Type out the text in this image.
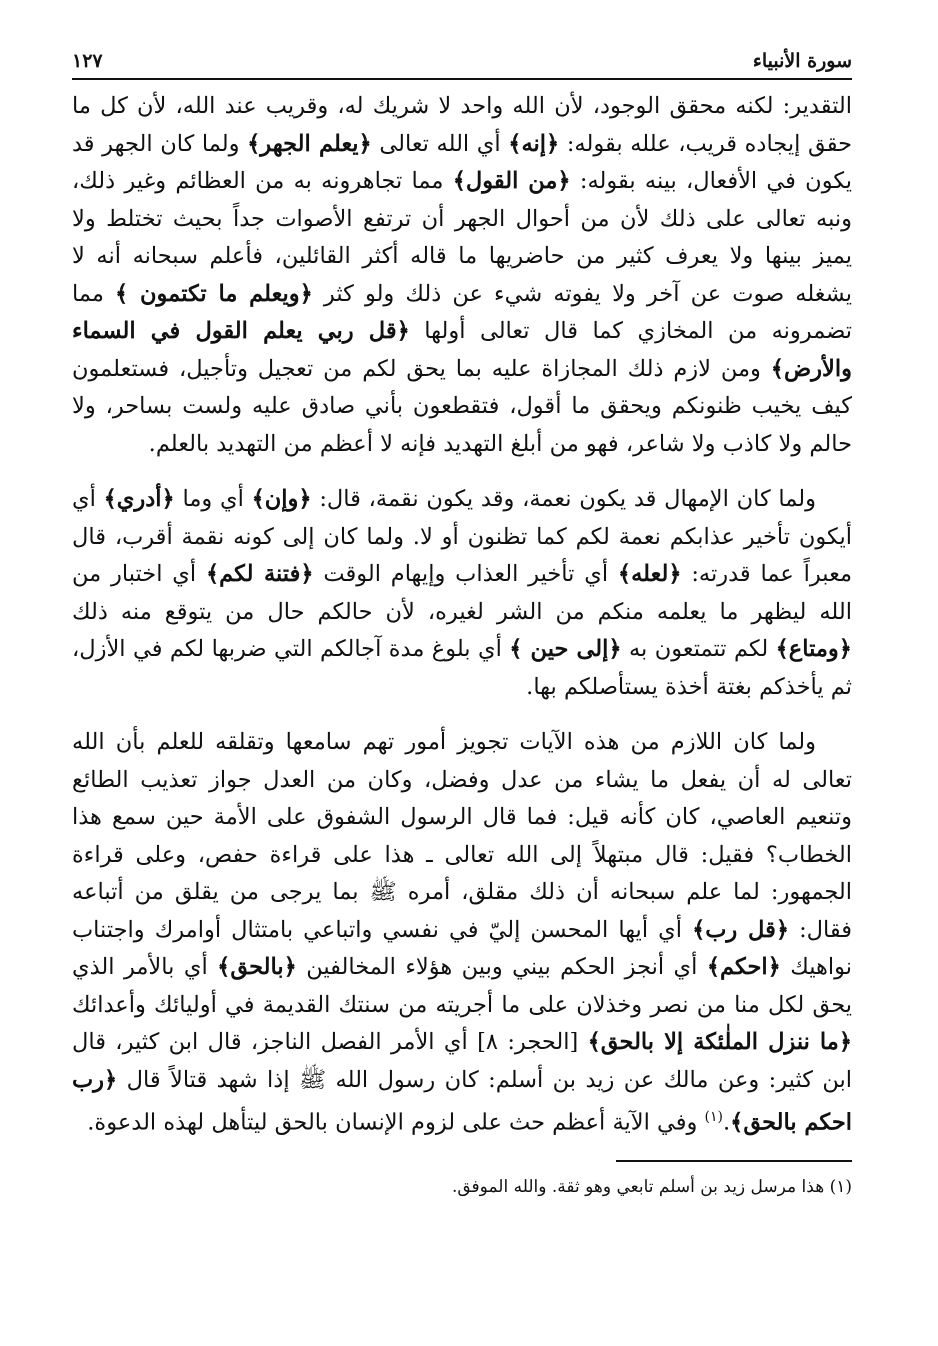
سورة الأنبياء
١٢٧

التقدير: لكنه محقق الوجود، لأن الله واحد لا شريك له، وقريب عند الله، لأن كل ما حقق إيجاده قريب، علله بقوله: ﴿إنه﴾ أي الله تعالى ﴿يعلم الجهر﴾ ولما كان الجهر قد يكون في الأفعال، بينه بقوله: ﴿من القول﴾ مما تجاهرونه به من العظائم وغير ذلك، ونبه تعالى على ذلك لأن من أحوال الجهر أن ترتفع الأصوات جداً بحيث تختلط ولا يميز بينها ولا يعرف كثير من حاضريها ما قاله أكثر القائلين، فأعلم سبحانه أنه لا يشغله صوت عن آخر ولا يفوته شيء عن ذلك ولو كثر ﴿ويعلم ما تكتمون ﴾ مما تضمرونه من المخازي كما قال تعالى أولها ﴿قل ربي يعلم القول في السماء والأرض﴾ ومن لازم ذلك المجازاة عليه بما يحق لكم من تعجيل وتأجيل، فستعلمون كيف يخيب ظنونكم ويحقق ما أقول، فتقطعون بأني صادق عليه ولست بساحر، ولا حالم ولا كاذب ولا شاعر، فهو من أبلغ التهديد فإنه لا أعظم من التهديد بالعلم.

ولما كان الإمهال قد يكون نعمة، وقد يكون نقمة، قال: ﴿وإن﴾ أي وما ﴿أدري﴾ أي أيكون تأخير عذابكم نعمة لكم كما تظنون أو لا. ولما كان إلى كونه نقمة أقرب، قال معبراً عما قدرته: ﴿لعله﴾ أي تأخير العذاب وإيهام الوقت ﴿فتنة لكم﴾ أي اختبار من الله ليظهر ما يعلمه منكم من الشر لغيره، لأن حالكم حال من يتوقع منه ذلك ﴿ومتاع﴾ لكم تتمتعون به ﴿إلى حين ﴾ أي بلوغ مدة آجالكم التي ضربها لكم في الأزل، ثم يأخذكم بغتة أخذة يستأصلكم بها.

ولما كان اللازم من هذه الآيات تجويز أمور تهم سامعها وتقلقه للعلم بأن الله تعالى له أن يفعل ما يشاء من عدل وفضل، وكان من العدل جواز تعذيب الطائع وتنعيم العاصي، كان كأنه قيل: فما قال الرسول الشفوق على الأمة حين سمع هذا الخطاب؟ فقيل: قال مبتهلاً إلى الله تعالى ـ هذا على قراءة حفص، وعلى قراءة الجمهور: لما علم سبحانه أن ذلك مقلق، أمره ﷺ بما يرجى من يقلق من أتباعه فقال: ﴿قل رب﴾ أي أيها المحسن إليّ في نفسي واتباعي بامتثال أوامرك واجتناب نواهيك ﴿احكم﴾ أي أنجز الحكم بيني وبين هؤلاء المخالفين ﴿بالحق﴾ أي بالأمر الذي يحق لكل منا من نصر وخذلان على ما أجريته من سنتك القديمة في أوليائك وأعدائك ﴿ما ننزل الملٰئكة إلا بالحق﴾ [الحجر: ٨] أي الأمر الفصل الناجز، قال ابن كثير، قال ابن كثير: وعن مالك عن زيد بن أسلم: كان رسول الله ﷺ إذا شهد قتالاً قال ﴿رب احكم بالحق﴾.$^{(١)}$ وفي الآية أعظم حث على لزوم الإنسان بالحق ليتأهل لهذه الدعوة.

(١) هذا مرسل زيد بن أسلم تابعي وهو ثقة. والله الموفق.
